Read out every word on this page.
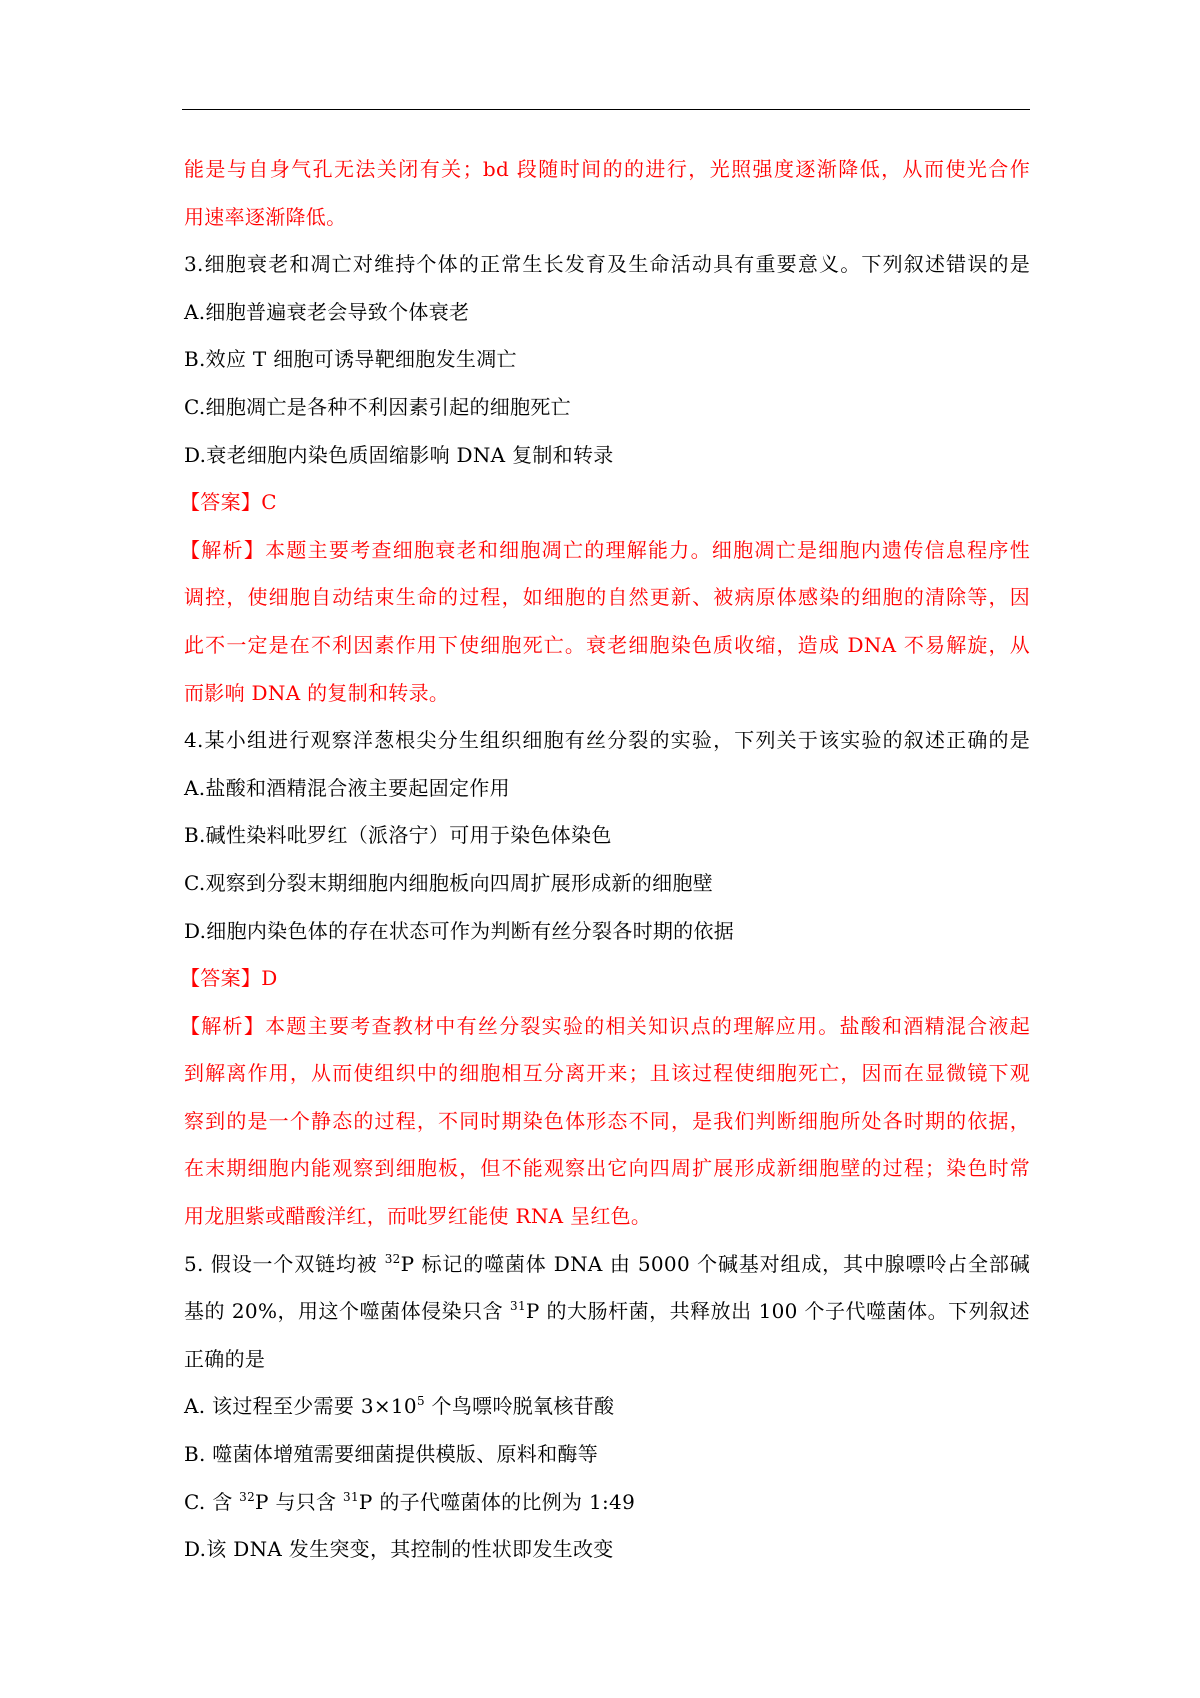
能是与自身气孔无法关闭有关；bd 段随时间的的进行，光照强度逐渐降低，从而使光合作
用速率逐渐降低。
3.细胞衰老和凋亡对维持个体的正常生长发育及生命活动具有重要意义。下列叙述错误的是
A.细胞普遍衰老会导致个体衰老
B.效应 T 细胞可诱导靶细胞发生凋亡
C.细胞凋亡是各种不利因素引起的细胞死亡
D.衰老细胞内染色质固缩影响 DNA 复制和转录
【答案】C
【解析】本题主要考查细胞衰老和细胞凋亡的理解能力。细胞凋亡是细胞内遗传信息程序性
调控，使细胞自动结束生命的过程，如细胞的自然更新、被病原体感染的细胞的清除等，因
此不一定是在不利因素作用下使细胞死亡。衰老细胞染色质收缩，造成 DNA 不易解旋，从
而影响 DNA 的复制和转录。
4.某小组进行观察洋葱根尖分生组织细胞有丝分裂的实验，下列关于该实验的叙述正确的是
A.盐酸和酒精混合液主要起固定作用
B.碱性染料吡罗红（派洛宁）可用于染色体染色
C.观察到分裂末期细胞内细胞板向四周扩展形成新的细胞壁
D.细胞内染色体的存在状态可作为判断有丝分裂各时期的依据
【答案】D
【解析】本题主要考查教材中有丝分裂实验的相关知识点的理解应用。盐酸和酒精混合液起
到解离作用，从而使组织中的细胞相互分离开来；且该过程使细胞死亡，因而在显微镜下观
察到的是一个静态的过程，不同时期染色体形态不同，是我们判断细胞所处各时期的依据，
在末期细胞内能观察到细胞板，但不能观察出它向四周扩展形成新细胞壁的过程；染色时常
用龙胆紫或醋酸洋红，而吡罗红能使 RNA 呈红色。
5. 假设一个双链均被 $^{32}$P 标记的噬菌体 DNA 由 5000 个碱基对组成，其中腺嘌呤占全部碱
基的 20%，用这个噬菌体侵染只含 $^{31}$P 的大肠杆菌，共释放出 100 个子代噬菌体。下列叙述
正确的是
A. 该过程至少需要 $3\times 10^5$ 个鸟嘌呤脱氧核苷酸
B. 噬菌体增殖需要细菌提供模版、原料和酶等
C. 含 $^{32}$P 与只含 $^{31}$P 的子代噬菌体的比例为 1:49
D.该 DNA 发生突变，其控制的性状即发生改变
